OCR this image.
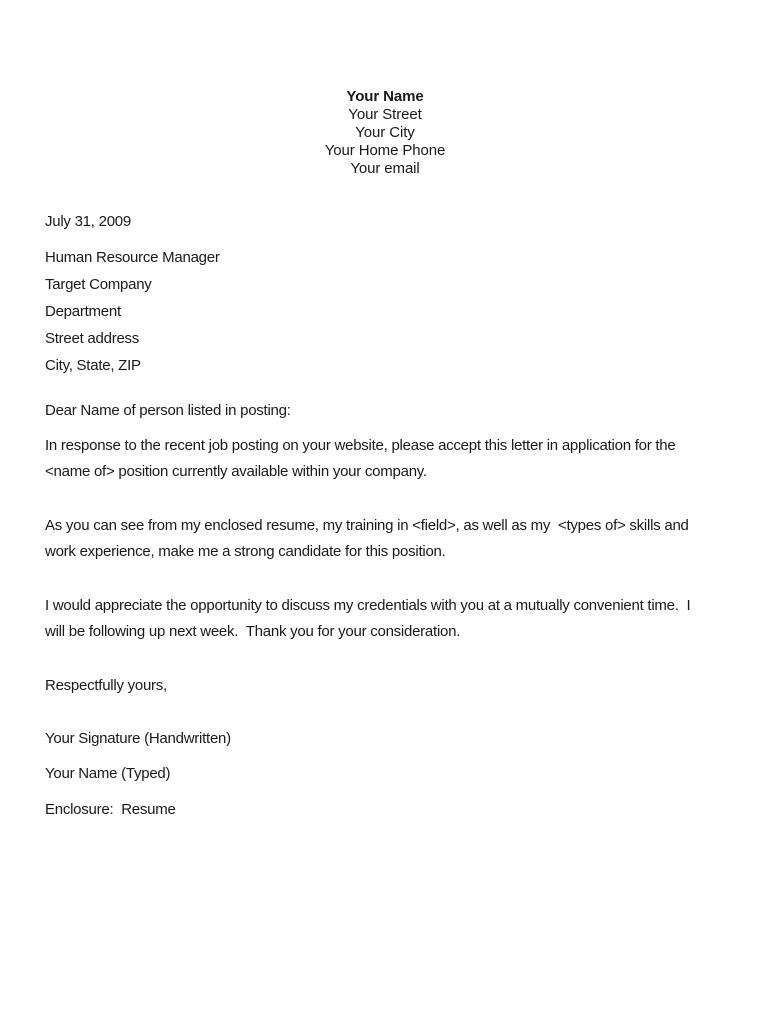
Your Name
Your Street
Your City
Your Home Phone
Your email
July 31, 2009
Human Resource Manager
Target Company
Department
Street address
City, State, ZIP
Dear Name of person listed in posting:
In response to the recent job posting on your website, please accept this letter in application for the
<name of> position currently available within your company.
As you can see from my enclosed resume, my training in <field>, as well as my  <types of> skills and
work experience, make me a strong candidate for this position.
I would appreciate the opportunity to discuss my credentials with you at a mutually convenient time.  I
will be following up next week.  Thank you for your consideration.
Respectfully yours,
Your Signature (Handwritten)
Your Name (Typed)
Enclosure:  Resume
